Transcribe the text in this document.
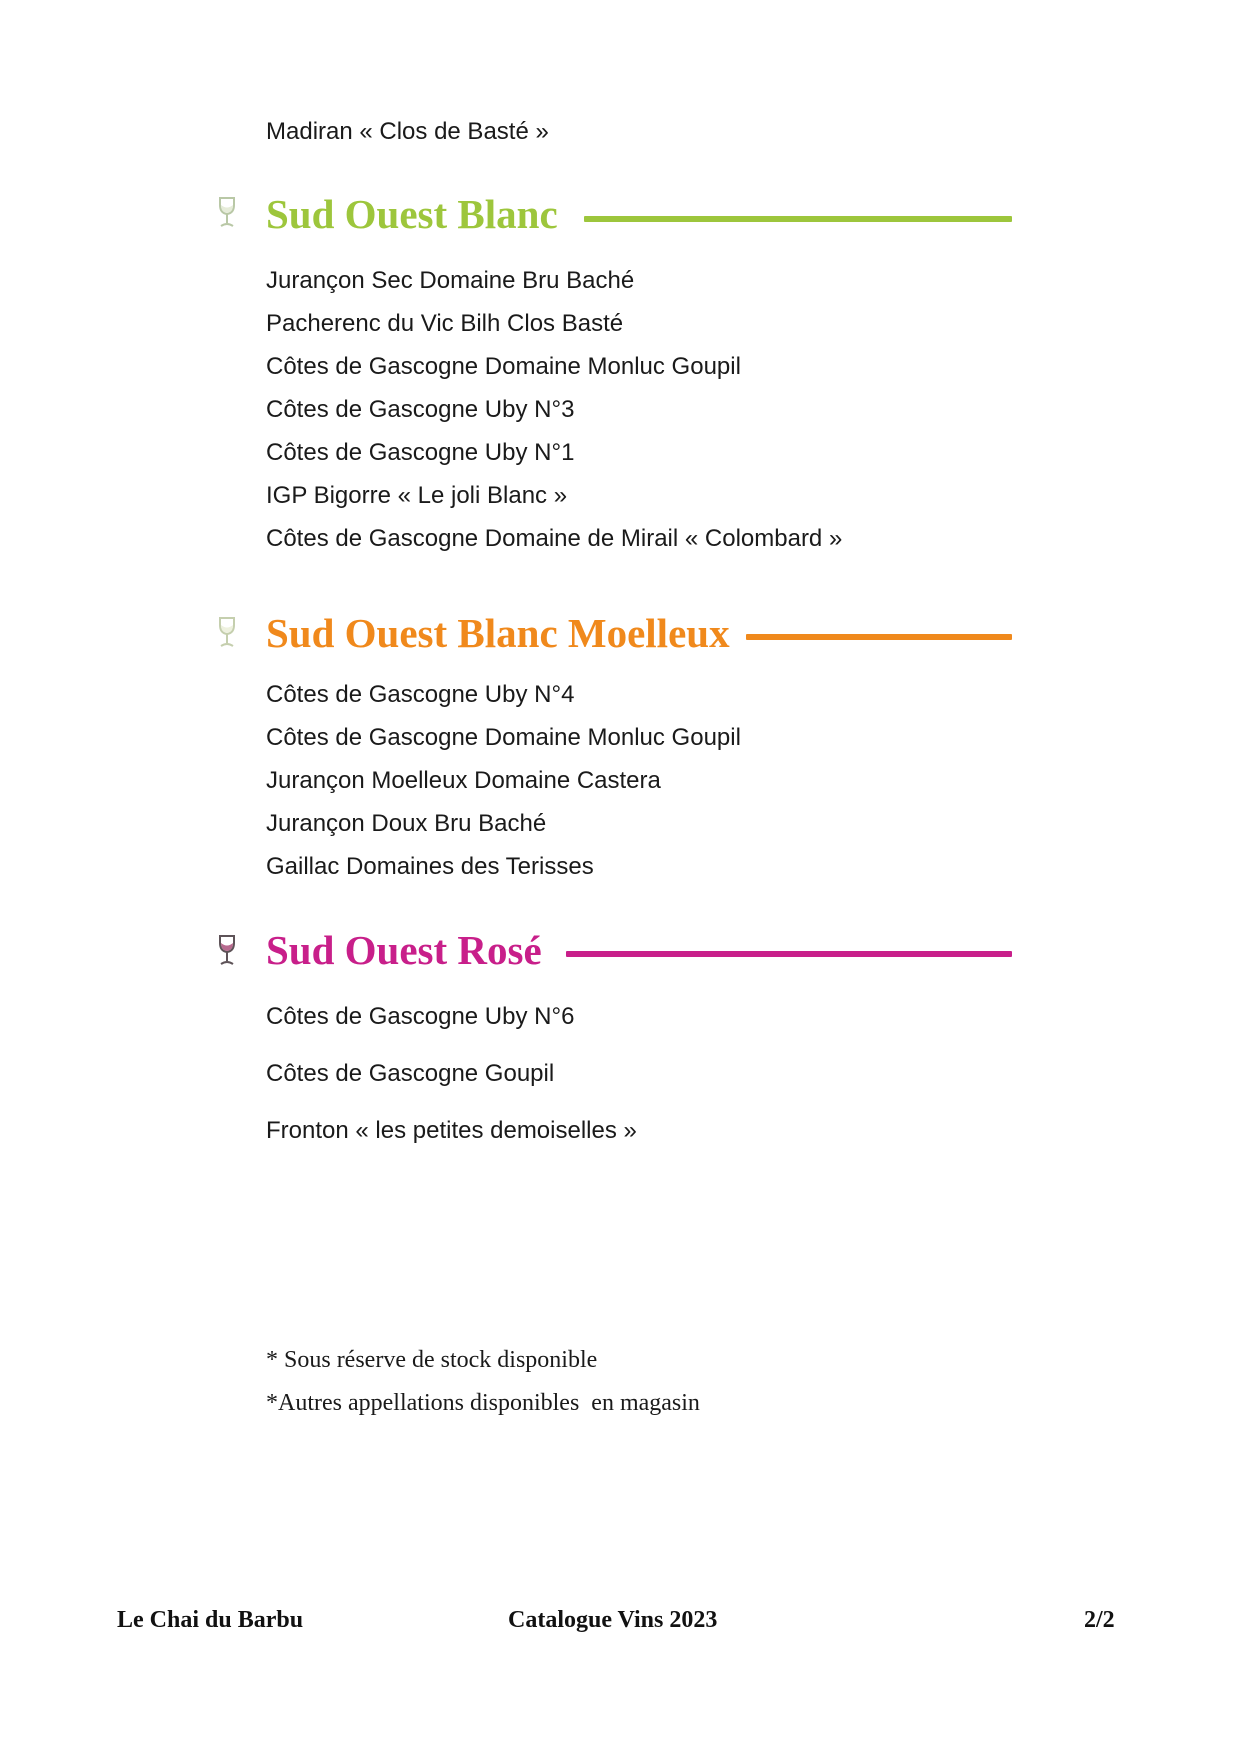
Madiran « Clos de Basté »
Sud Ouest Blanc
Jurançon Sec Domaine Bru Baché
Pacherenc du Vic Bilh Clos Basté
Côtes de Gascogne Domaine Monluc Goupil
Côtes de Gascogne Uby N°3
Côtes de Gascogne Uby N°1
IGP Bigorre « Le joli Blanc »
Côtes de Gascogne Domaine de Mirail « Colombard »
Sud Ouest Blanc Moelleux
Côtes de Gascogne Uby N°4
Côtes de Gascogne Domaine Monluc Goupil
Jurançon Moelleux Domaine Castera
Jurançon Doux Bru Baché
Gaillac Domaines des Terisses
Sud Ouest Rosé
Côtes de Gascogne Uby N°6
Côtes de Gascogne Goupil
Fronton « les petites demoiselles »
* Sous réserve de stock disponible
*Autres appellations disponibles  en magasin
Le Chai du Barbu	Catalogue Vins 2023	2/2
